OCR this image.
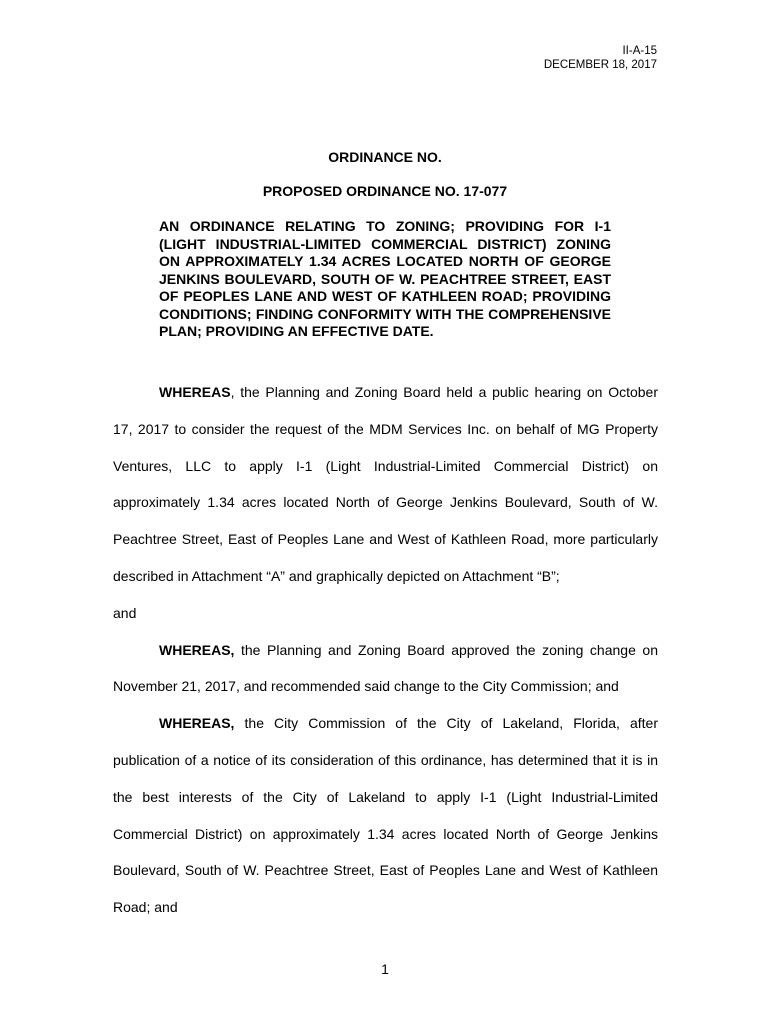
II-A-15
DECEMBER 18, 2017
ORDINANCE NO.
PROPOSED ORDINANCE NO. 17-077
AN ORDINANCE RELATING TO ZONING; PROVIDING FOR I-1 (LIGHT INDUSTRIAL-LIMITED COMMERCIAL DISTRICT) ZONING ON APPROXIMATELY 1.34 ACRES LOCATED NORTH OF GEORGE JENKINS BOULEVARD, SOUTH OF W. PEACHTREE STREET, EAST OF PEOPLES LANE AND WEST OF KATHLEEN ROAD; PROVIDING CONDITIONS; FINDING CONFORMITY WITH THE COMPREHENSIVE PLAN; PROVIDING AN EFFECTIVE DATE.

WHEREAS, the Planning and Zoning Board held a public hearing on October 17, 2017 to consider the request of the MDM Services Inc. on behalf of MG Property Ventures, LLC to apply I-1 (Light Industrial-Limited Commercial District) on approximately 1.34 acres located North of George Jenkins Boulevard, South of W. Peachtree Street, East of Peoples Lane and West of Kathleen Road, more particularly described in Attachment “A” and graphically depicted on Attachment “B”;

and

WHEREAS, the Planning and Zoning Board approved the zoning change on November 21, 2017, and recommended said change to the City Commission; and

WHEREAS, the City Commission of the City of Lakeland, Florida, after publication of a notice of its consideration of this ordinance, has determined that it is in the best interests of the City of Lakeland to apply I-1 (Light Industrial-Limited Commercial District) on approximately 1.34 acres located North of George Jenkins Boulevard, South of W. Peachtree Street, East of Peoples Lane and West of Kathleen Road; and

1
